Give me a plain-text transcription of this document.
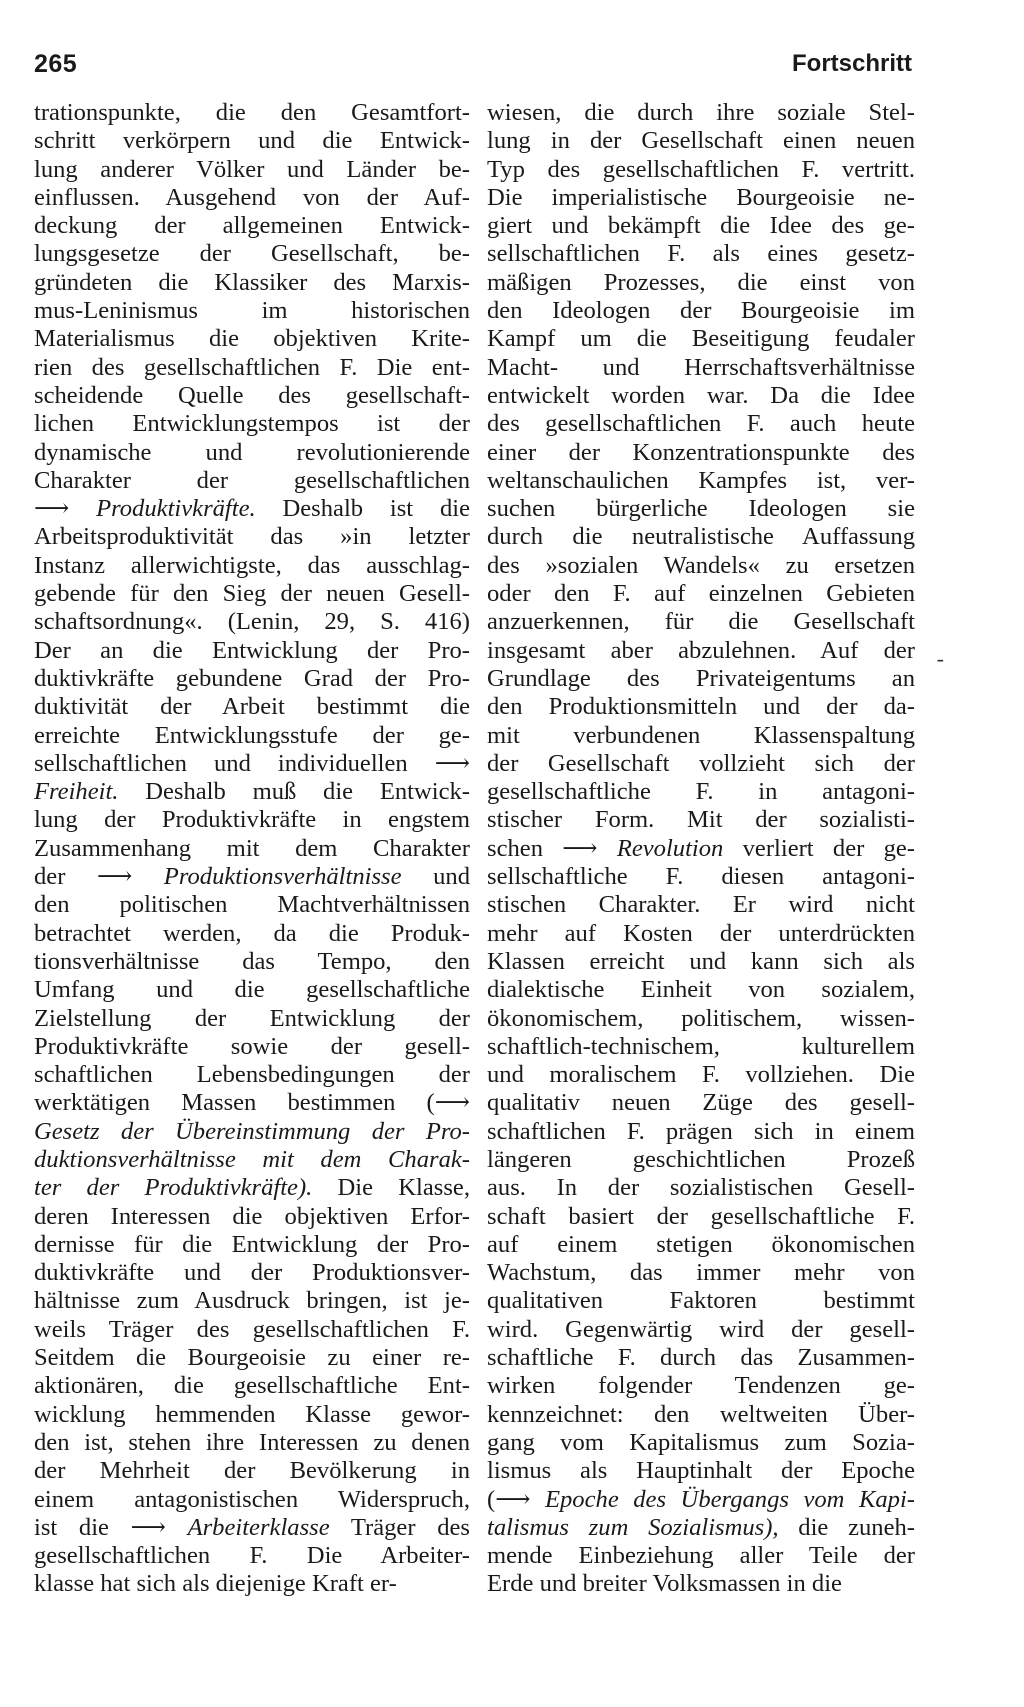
265	Fortschritt
trationspunkte, die den Gesamtfort-
schritt verkörpern und die Entwick-
lung anderer Völker und Länder be-
einflussen. Ausgehend von der Auf-
deckung der allgemeinen Entwick-
lungsgesetze der Gesellschaft, be-
gründeten die Klassiker des Marxis-
mus-Leninismus im historischen
Materialismus die objektiven Krite-
rien des gesellschaftlichen F. Die ent-
scheidende Quelle des gesellschaft-
lichen Entwicklungstempos ist der
dynamische und revolutionierende
Charakter der gesellschaftlichen
⟶ Produktivkräfte. Deshalb ist die
Arbeitsproduktivität das »in letzter
Instanz allerwichtigste, das ausschlag-
gebende für den Sieg der neuen Gesell-
schaftsordnung«. (Lenin, 29, S. 416)
Der an die Entwicklung der Pro-
duktivkräfte gebundene Grad der Pro-
duktivität der Arbeit bestimmt die
erreichte Entwicklungsstufe der ge-
sellschaftlichen und individuellen ⟶
Freiheit. Deshalb muß die Entwick-
lung der Produktivkräfte in engstem
Zusammenhang mit dem Charakter
der ⟶ Produktionsverhältnisse und
den politischen Machtverhältnissen
betrachtet werden, da die Produk-
tionsverhältnisse das Tempo, den
Umfang und die gesellschaftliche
Zielstellung der Entwicklung der
Produktivkräfte sowie der gesell-
schaftlichen Lebensbedingungen der
werktätigen Massen bestimmen (⟶
Gesetz der Übereinstimmung der Pro-
duktionsverhältnisse mit dem Charak-
ter der Produktivkräfte). Die Klasse,
deren Interessen die objektiven Erfor-
dernisse für die Entwicklung der Pro-
duktivkräfte und der Produktionsver-
hältnisse zum Ausdruck bringen, ist je-
weils Träger des gesellschaftlichen F.
Seitdem die Bourgeoisie zu einer re-
aktionären, die gesellschaftliche Ent-
wicklung hemmenden Klasse gewor-
den ist, stehen ihre Interessen zu denen
der Mehrheit der Bevölkerung in
einem antagonistischen Widerspruch,
ist die ⟶ Arbeiterklasse Träger des
gesellschaftlichen F. Die Arbeiter-
klasse hat sich als diejenige Kraft er-
wiesen, die durch ihre soziale Stel-
lung in der Gesellschaft einen neuen
Typ des gesellschaftlichen F. vertritt.
Die imperialistische Bourgeoisie ne-
giert und bekämpft die Idee des ge-
sellschaftlichen F. als eines gesetz-
mäßigen Prozesses, die einst von
den Ideologen der Bourgeoisie im
Kampf um die Beseitigung feudaler
Macht- und Herrschaftsverhältnisse
entwickelt worden war. Da die Idee
des gesellschaftlichen F. auch heute
einer der Konzentrationspunkte des
weltanschaulichen Kampfes ist, ver-
suchen bürgerliche Ideologen sie
durch die neutralistische Auffassung
des »sozialen Wandels« zu ersetzen
oder den F. auf einzelnen Gebieten
anzuerkennen, für die Gesellschaft
insgesamt aber abzulehnen. Auf der
Grundlage des Privateigentums an
den Produktionsmitteln und der da-
mit verbundenen Klassenspaltung
der Gesellschaft vollzieht sich der
gesellschaftliche F. in antagoni-
stischer Form. Mit der sozialisti-
schen ⟶ Revolution verliert der ge-
sellschaftliche F. diesen antagoni-
stischen Charakter. Er wird nicht
mehr auf Kosten der unterdrückten
Klassen erreicht und kann sich als
dialektische Einheit von sozialem,
ökonomischem, politischem, wissen-
schaftlich-technischem, kulturellem
und moralischem F. vollziehen. Die
qualitativ neuen Züge des gesell-
schaftlichen F. prägen sich in einem
längeren geschichtlichen Prozeß
aus. In der sozialistischen Gesell-
schaft basiert der gesellschaftliche F.
auf einem stetigen ökonomischen
Wachstum, das immer mehr von
qualitativen Faktoren bestimmt
wird. Gegenwärtig wird der gesell-
schaftliche F. durch das Zusammen-
wirken folgender Tendenzen ge-
kennzeichnet: den weltweiten Über-
gang vom Kapitalismus zum Sozia-
lismus als Hauptinhalt der Epoche
(⟶ Epoche des Übergangs vom Kapi-
talismus zum Sozialismus), die zuneh-
mende Einbeziehung aller Teile der
Erde und breiter Volksmassen in die
-
